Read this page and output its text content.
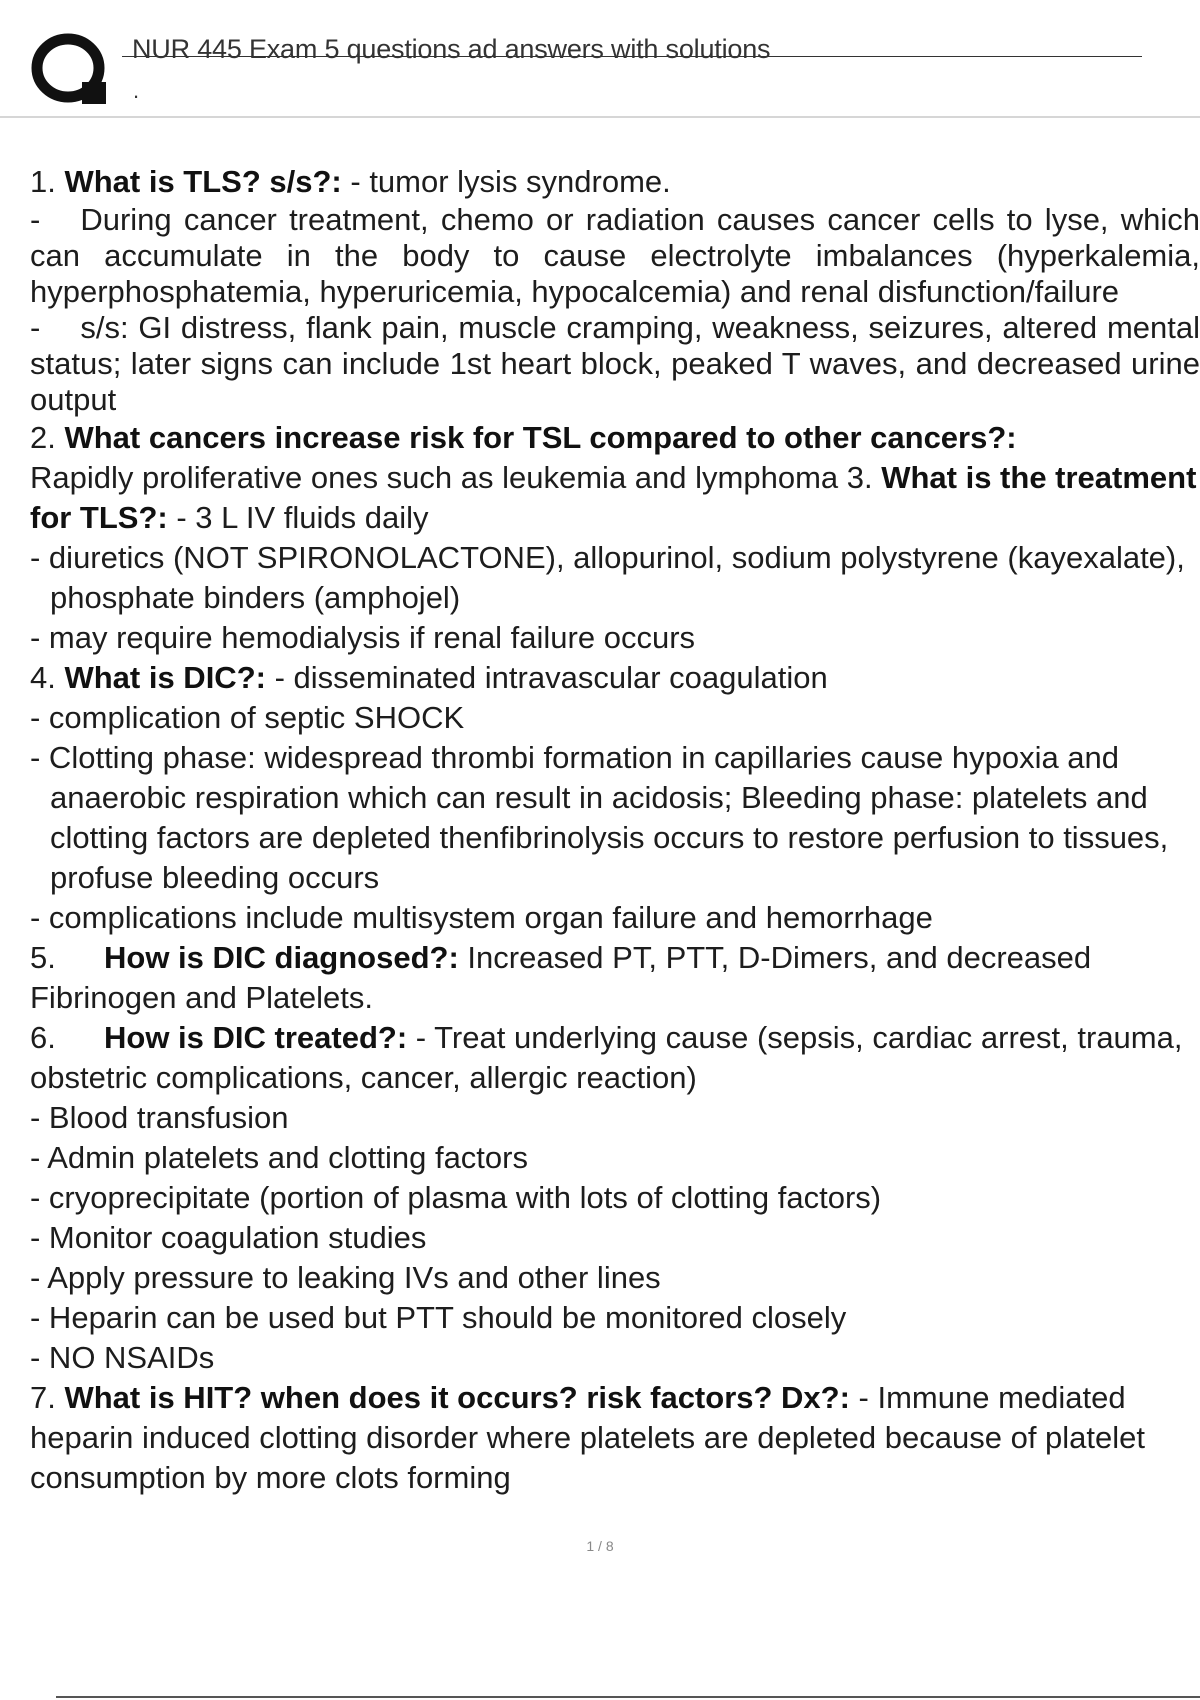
NUR 445 Exam 5 questions ad answers with solutions
.

1. What is TLS? s/s?: - tumor lysis syndrome.

- During cancer treatment, chemo or radiation causes cancer cells to lyse, which can accumulate in the body to cause electrolyte imbalances (hyperkalemia, hyperphosphatemia, hyperuricemia, hypocalcemia) and renal disfunction/failure

- s/s: GI distress, flank pain, muscle cramping, weakness, seizures, altered mental status; later signs can include 1st heart block, peaked T waves, and decreased urine output

2. What cancers increase risk for TSL compared to other cancers?:

Rapidly proliferative ones such as leukemia and lymphoma 3. What is the treatment for TLS?: - 3 L IV fluids daily

- diuretics (NOT SPIRONOLACTONE), allopurinol, sodium polystyrene (kayexalate), phosphate binders (amphojel)

- may require hemodialysis if renal failure occurs

4. What is DIC?: - disseminated intravascular coagulation

- complication of septic SHOCK

- Clotting phase: widespread thrombi formation in capillaries cause hypoxia and anaerobic respiration which can result in acidosis; Bleeding phase: platelets and clotting factors are depleted thenfibrinolysis occurs to restore perfusion to tissues, profuse bleeding occurs

- complications include multisystem organ failure and hemorrhage

5. How is DIC diagnosed?: Increased PT, PTT, D-Dimers, and decreased Fibrinogen and Platelets.

6. How is DIC treated?: - Treat underlying cause (sepsis, cardiac arrest, trauma, obstetric complications, cancer, allergic reaction)

- Blood transfusion

- Admin platelets and clotting factors

- cryoprecipitate (portion of plasma with lots of clotting factors)

- Monitor coagulation studies

- Apply pressure to leaking IVs and other lines

- Heparin can be used but PTT should be monitored closely

- NO NSAIDs

7. What is HIT? when does it occurs? risk factors? Dx?: - Immune mediated heparin induced clotting disorder where platelets are depleted because of platelet consumption by more clots forming

1 / 8
